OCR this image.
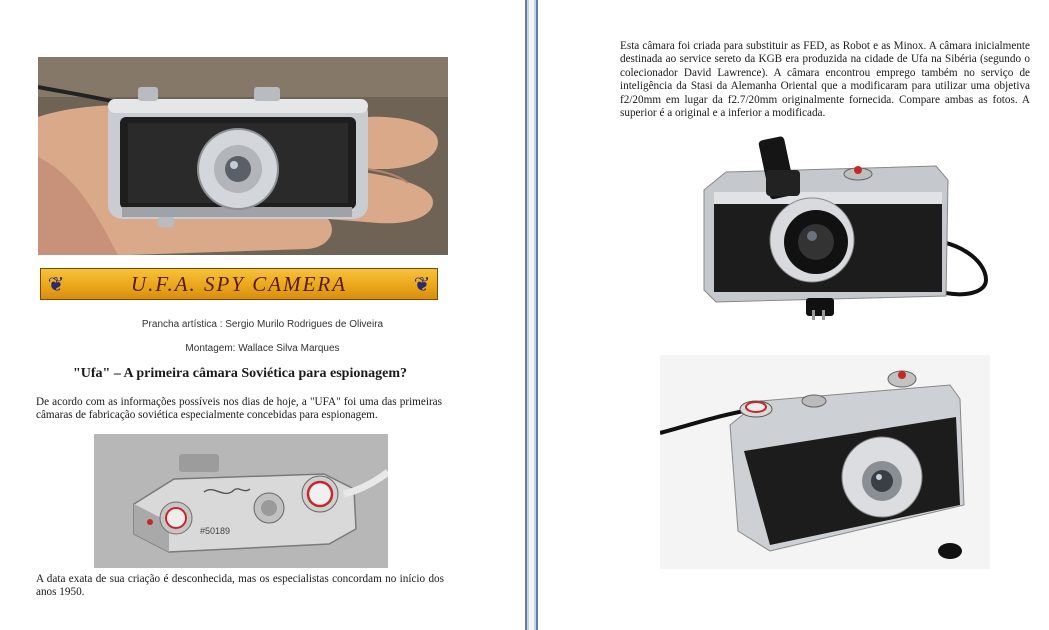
❦	U.F.A. SPY CAMERA	❦
Prancha artística : Sergio Murilo Rodrigues de Oliveira
Montagem: Wallace Silva Marques
"Ufa" – A primeira câmara Soviética para espionagem?
De acordo com as informações possíveis nos dias de hoje, a "UFA" foi uma das primeiras câmaras de fabricação soviética especialmente concebidas para espionagem.
#50189
A data exata de sua criação é desconhecida, mas os especialistas concordam no início dos anos 1950.
Esta câmara foi criada para substituir as FED, as Robot e as Minox. A câmara inicialmente destinada ao service sereto da KGB era produzida na cidade de Ufa na Sibéria (segundo o colecionador David Lawrence). A câmara encontrou emprego também no serviço de inteligência da Stasi da Alemanha Oriental que a modificaram para utilizar uma objetiva f2/20mm em lugar da f2.7/20mm originalmente fornecida. Compare ambas as fotos. A superior é a original e a inferior a modificada.
